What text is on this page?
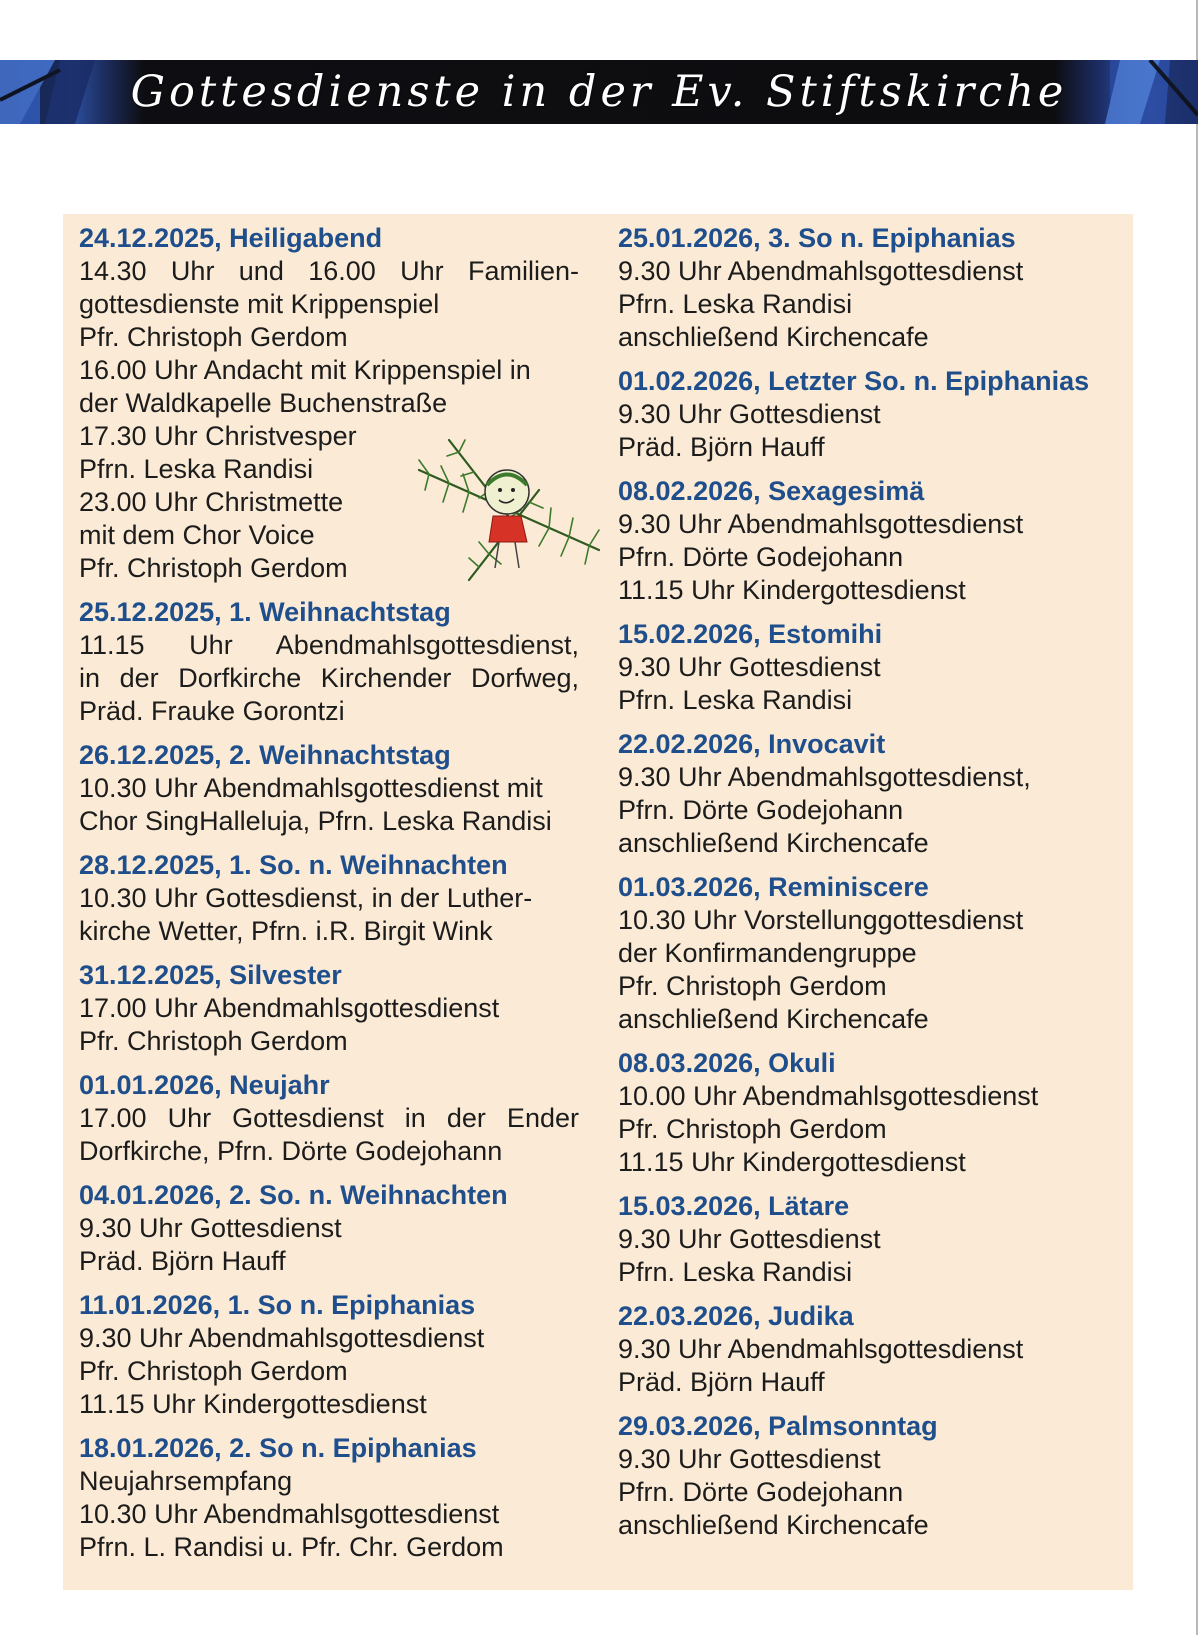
Gottesdienste in der Ev. Stiftskirche
24.12.2025, Heiligabend
14.30 Uhr und 16.00 Uhr Familien-
gottesdienste mit Krippenspiel
Pfr. Christoph Gerdom
16.00 Uhr Andacht mit Krippenspiel in
der Waldkapelle Buchenstraße
17.30 Uhr Christvesper
Pfrn. Leska Randisi
23.00 Uhr Christmette
mit dem Chor Voice
Pfr. Christoph Gerdom
25.12.2025, 1. Weihnachtstag
11.15 Uhr Abendmahlsgottesdienst,
in der Dorfkirche Kirchender Dorfweg,
Präd. Frauke Gorontzi
26.12.2025, 2. Weihnachtstag
10.30 Uhr Abendmahlsgottesdienst mit
Chor SingHalleluja, Pfrn. Leska Randisi
28.12.2025, 1. So. n. Weihnachten
10.30 Uhr Gottesdienst, in der Luther-
kirche Wetter, Pfrn. i.R. Birgit Wink
31.12.2025, Silvester
17.00 Uhr Abendmahlsgottesdienst
Pfr. Christoph Gerdom
01.01.2026, Neujahr
17.00 Uhr Gottesdienst in der Ender
Dorfkirche, Pfrn. Dörte Godejohann
04.01.2026, 2. So. n. Weihnachten
9.30 Uhr Gottesdienst
Präd. Björn Hauff
11.01.2026, 1. So n. Epiphanias
9.30 Uhr Abendmahlsgottesdienst
Pfr. Christoph Gerdom
11.15 Uhr Kindergottesdienst
18.01.2026, 2. So n. Epiphanias
Neujahrsempfang
10.30 Uhr Abendmahlsgottesdienst
Pfrn. L. Randisi u. Pfr. Chr. Gerdom
25.01.2026, 3. So n. Epiphanias
9.30 Uhr Abendmahlsgottesdienst
Pfrn. Leska Randisi
anschließend Kirchencafe
01.02.2026, Letzter So. n. Epiphanias
9.30 Uhr Gottesdienst
Präd. Björn Hauff
08.02.2026, Sexagesimä
9.30 Uhr Abendmahlsgottesdienst
Pfrn. Dörte Godejohann
11.15 Uhr Kindergottesdienst
15.02.2026, Estomihi
9.30 Uhr Gottesdienst
Pfrn. Leska Randisi
22.02.2026, Invocavit
9.30 Uhr Abendmahlsgottesdienst,
Pfrn. Dörte Godejohann
anschließend Kirchencafe
01.03.2026, Reminiscere
10.30 Uhr Vorstellunggottesdienst
der Konfirmandengruppe
Pfr. Christoph Gerdom
anschließend Kirchencafe
08.03.2026, Okuli
10.00 Uhr Abendmahlsgottesdienst
Pfr. Christoph Gerdom
11.15 Uhr Kindergottesdienst
15.03.2026, Lätare
9.30 Uhr Gottesdienst
Pfrn. Leska Randisi
22.03.2026, Judika
9.30 Uhr Abendmahlsgottesdienst
Präd. Björn Hauff
29.03.2026, Palmsonntag
9.30 Uhr Gottesdienst
Pfrn. Dörte Godejohann
anschließend Kirchencafe
